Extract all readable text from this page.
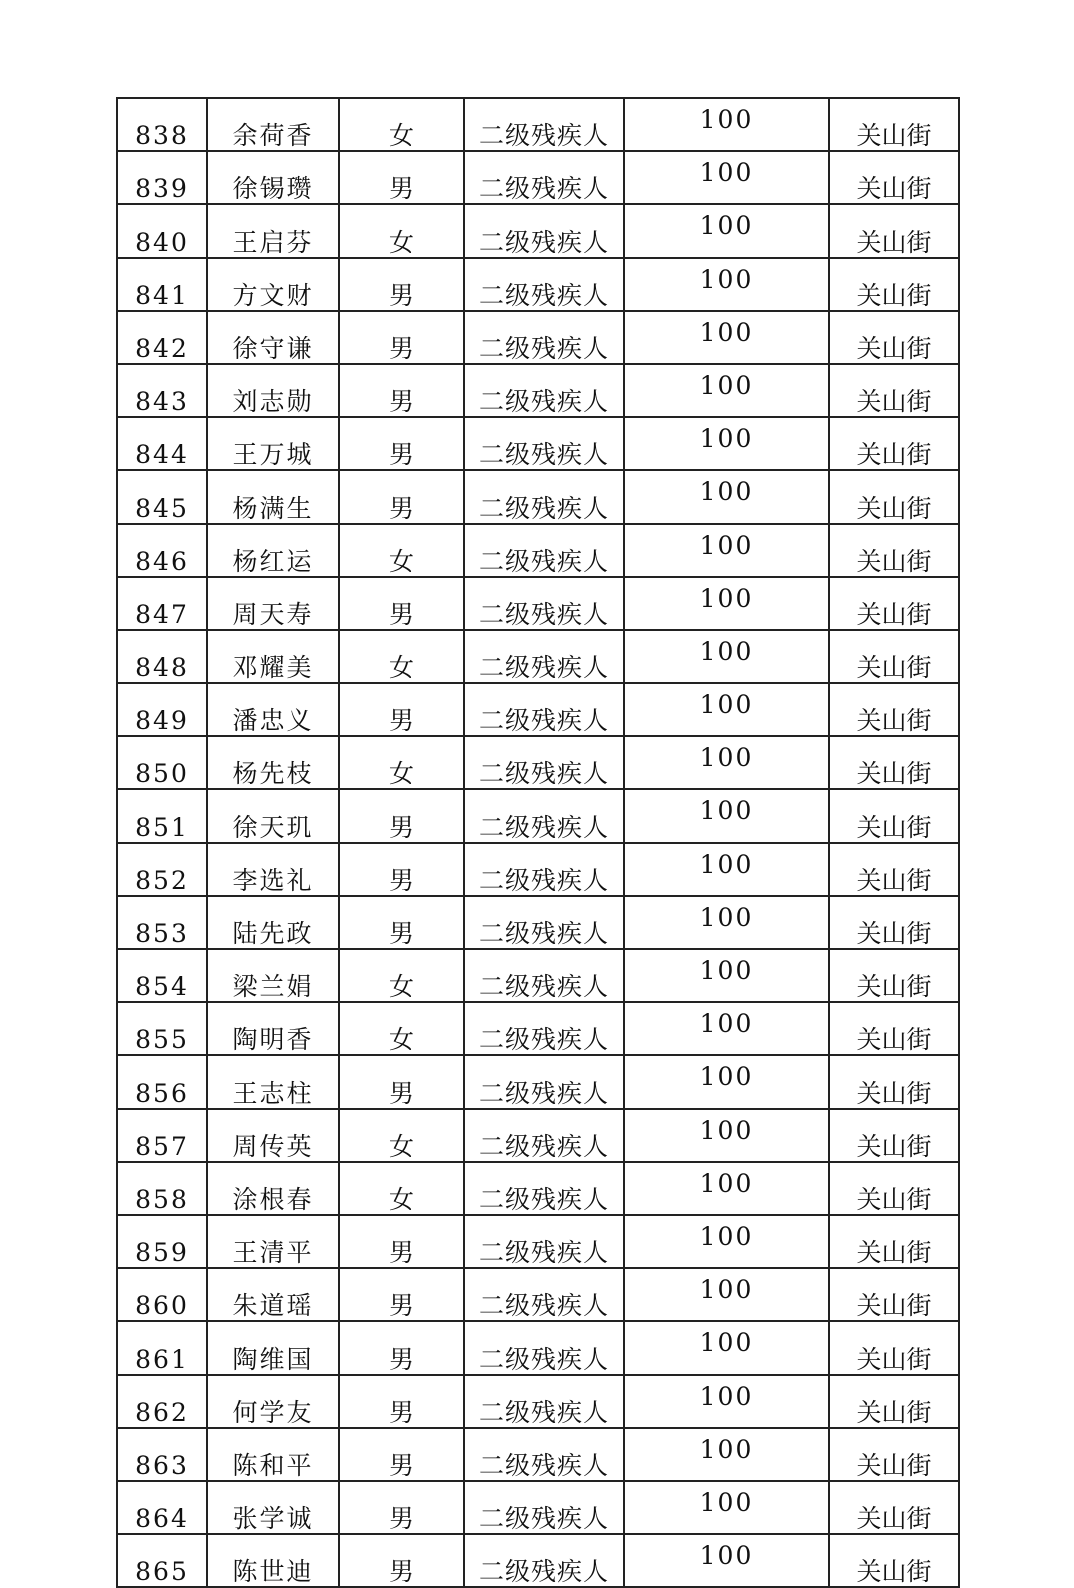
838	余荷香	女	二级残疾人	100	关山街
839	徐锡瓒	男	二级残疾人	100	关山街
840	王启芬	女	二级残疾人	100	关山街
841	方文财	男	二级残疾人	100	关山街
842	徐守谦	男	二级残疾人	100	关山街
843	刘志勋	男	二级残疾人	100	关山街
844	王万城	男	二级残疾人	100	关山街
845	杨满生	男	二级残疾人	100	关山街
846	杨红运	女	二级残疾人	100	关山街
847	周天寿	男	二级残疾人	100	关山街
848	邓耀美	女	二级残疾人	100	关山街
849	潘忠义	男	二级残疾人	100	关山街
850	杨先枝	女	二级残疾人	100	关山街
851	徐天玑	男	二级残疾人	100	关山街
852	李选礼	男	二级残疾人	100	关山街
853	陆先政	男	二级残疾人	100	关山街
854	梁兰娟	女	二级残疾人	100	关山街
855	陶明香	女	二级残疾人	100	关山街
856	王志柱	男	二级残疾人	100	关山街
857	周传英	女	二级残疾人	100	关山街
858	涂根春	女	二级残疾人	100	关山街
859	王清平	男	二级残疾人	100	关山街
860	朱道瑶	男	二级残疾人	100	关山街
861	陶维国	男	二级残疾人	100	关山街
862	何学友	男	二级残疾人	100	关山街
863	陈和平	男	二级残疾人	100	关山街
864	张学诚	男	二级残疾人	100	关山街
865	陈世迪	男	二级残疾人	100	关山街
